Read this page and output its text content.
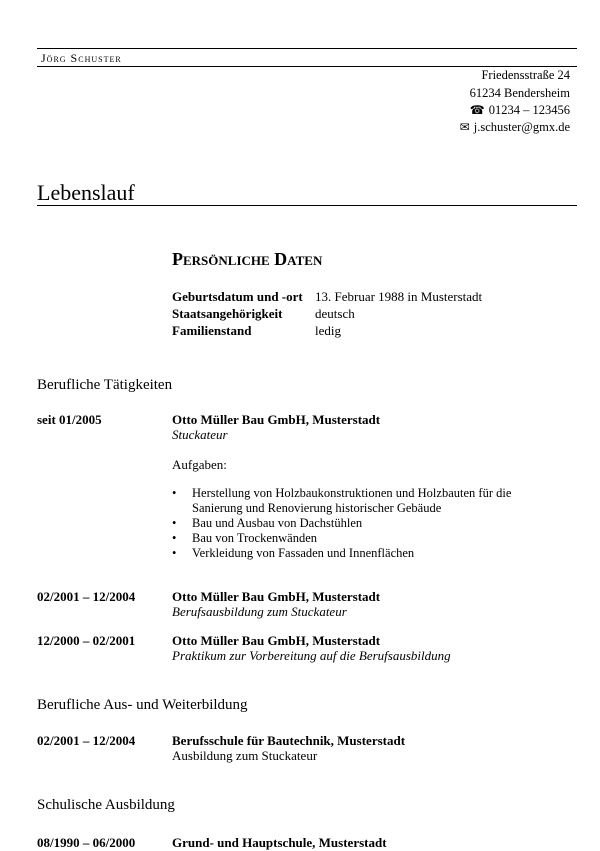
Jörg Schuster
Friedensstraße 24
61234 Bendersheim
☎ 01234 – 123456
✉ j.schuster@gmx.de
Lebenslauf
Persönliche Daten
Geburtsdatum und -ort 13. Februar 1988 in Musterstadt
Staatsangehörigkeit	deutsch
Familienstand	ledig
Berufliche Tätigkeiten
seit 01/2005	Otto Müller Bau GmbH, Musterstadt
Stuckateur
Aufgaben:
• Herstellung von Holzbaukonstruktionen und Holzbauten für die Sanierung und Renovierung historischer Gebäude
• Bau und Ausbau von Dachstühlen
• Bau von Trockenwänden
• Verkleidung von Fassaden und Innenflächen
02/2001 – 12/2004	Otto Müller Bau GmbH, Musterstadt
Berufsausbildung zum Stuckateur
12/2000 – 02/2001	Otto Müller Bau GmbH, Musterstadt
Praktikum zur Vorbereitung auf die Berufsausbildung
Berufliche Aus- und Weiterbildung
02/2001 – 12/2004	Berufsschule für Bautechnik, Musterstadt
Ausbildung zum Stuckateur
Schulische Ausbildung
08/1990 – 06/2000	Grund- und Hauptschule, Musterstadt
